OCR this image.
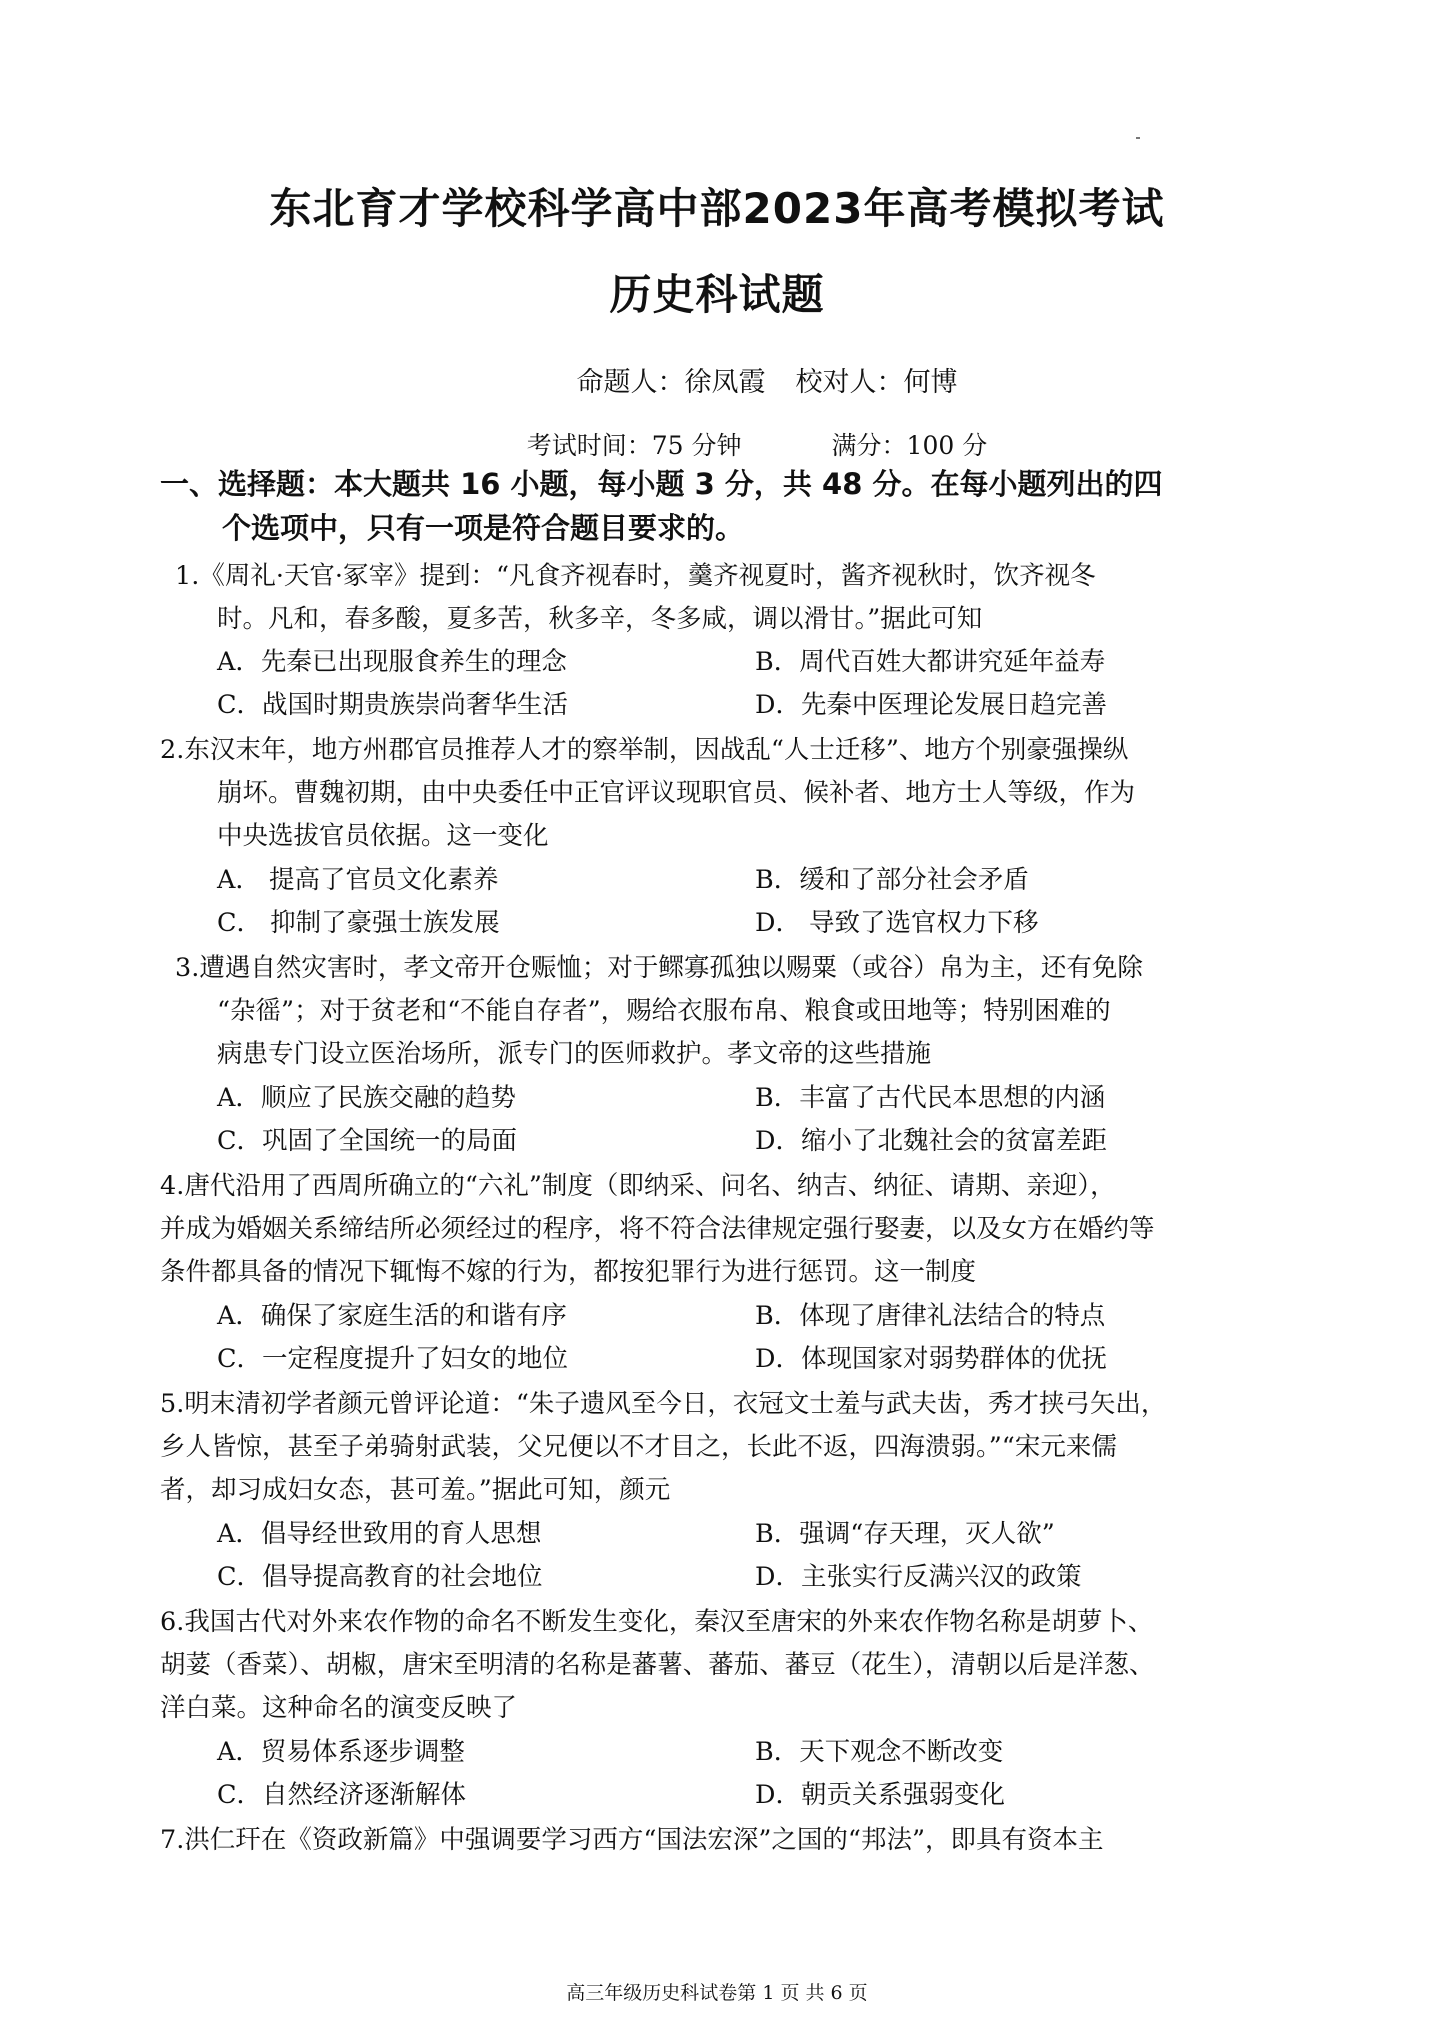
东北育才学校科学高中部2023年高考模拟考试
历史科试题
命题人：徐凤霞 校对人：何博
考试时间：75 分钟	满分：100 分
一、选择题：本大题共 16 小题，每小题 3 分，共 48 分。在每小题列出的四
个选项中，只有一项是符合题目要求的。
1.《周礼·天官·冢宰》提到：“凡食齐视春时，羹齐视夏时，酱齐视秋时，饮齐视冬
时。凡和，春多酸，夏多苦，秋多辛，冬多咸，调以滑甘。”据此可知
A．先秦已出现服食养生的理念	B．周代百姓大都讲究延年益寿
C．战国时期贵族崇尚奢华生活	D．先秦中医理论发展日趋完善
2.东汉末年，地方州郡官员推荐人才的察举制，因战乱“人士迁移”、地方个别豪强操纵
崩坏。曹魏初期，由中央委任中正官评议现职官员、候补者、地方士人等级，作为
中央选拔官员依据。这一变化
A． 提高了官员文化素养	B．缓和了部分社会矛盾
C． 抑制了豪强士族发展	D． 导致了选官权力下移
3.遭遇自然灾害时，孝文帝开仓赈恤；对于鳏寡孤独以赐粟（或谷）帛为主，还有免除
“杂徭”；对于贫老和“不能自存者”，赐给衣服布帛、粮食或田地等；特别困难的
病患专门设立医治场所，派专门的医师救护。孝文帝的这些措施
A．顺应了民族交融的趋势	B．丰富了古代民本思想的内涵
C．巩固了全国统一的局面	D．缩小了北魏社会的贫富差距
4.唐代沿用了西周所确立的“六礼”制度（即纳采、问名、纳吉、纳征、请期、亲迎），
并成为婚姻关系缔结所必须经过的程序，将不符合法律规定强行娶妻，以及女方在婚约等
条件都具备的情况下辄悔不嫁的行为，都按犯罪行为进行惩罚。这一制度
A．确保了家庭生活的和谐有序	B．体现了唐律礼法结合的特点
C．一定程度提升了妇女的地位	D．体现国家对弱势群体的优抚
5.明末清初学者颜元曾评论道：“朱子遗风至今日，衣冠文士羞与武夫齿，秀才挟弓矢出，
乡人皆惊，甚至子弟骑射武装，父兄便以不才目之，长此不返，四海溃弱。”“宋元来儒
者，却习成妇女态，甚可羞。”据此可知，颜元
A．倡导经世致用的育人思想	B．强调“存天理，灭人欲”
C．倡导提高教育的社会地位	D．主张实行反满兴汉的政策
6.我国古代对外来农作物的命名不断发生变化，秦汉至唐宋的外来农作物名称是胡萝卜、
胡荽（香菜）、胡椒，唐宋至明清的名称是蕃薯、蕃茄、蕃豆（花生），清朝以后是洋葱、
洋白菜。这种命名的演变反映了
A．贸易体系逐步调整	B．天下观念不断改变
C．自然经济逐渐解体	D．朝贡关系强弱变化
7.洪仁玕在《资政新篇》中强调要学习西方“国法宏深”之国的“邦法”，即具有资本主
高三年级历史科试卷第 1 页 共 6 页
